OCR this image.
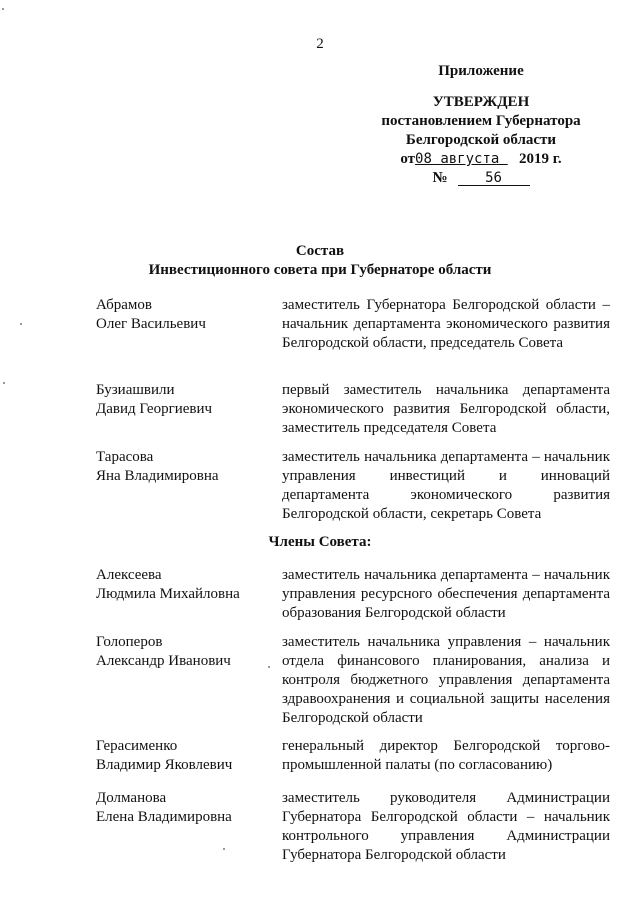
2
Приложение
УТВЕРЖДЕН
постановлением Губернатора
Белгородской области
от08 августа    2019 г.
№	56
Состав
Инвестиционного совета при Губернаторе области
Абрамов
Олег Васильевич
заместитель Губернатора Белгородской области – начальник департамента экономического развития Белгородской области, председатель Совета
Бузиашвили
Давид Георгиевич
первый заместитель начальника департамента экономического развития Белгородской области, заместитель председателя Совета
Тарасова
Яна Владимировна
заместитель начальника департамента – начальник управления инвестиций и инноваций департамента экономического развития Белгородской области, секретарь Совета
Члены Совета:
Алексеева
Людмила Михайловна
заместитель начальника департамента – начальник управления ресурсного обеспечения департамента образования Белгородской области
Голоперов
Александр Иванович
заместитель начальника управления – начальник отдела финансового планирования, анализа и контроля бюджетного управления департамента здравоохранения и социальной защиты населения Белгородской области
Герасименко
Владимир Яковлевич
генеральный директор Белгородской торгово-промышленной палаты (по согласованию)
Долманова
Елена Владимировна
заместитель руководителя Администрации Губернатора Белгородской области – начальник контрольного управления Администрации Губернатора Белгородской области
